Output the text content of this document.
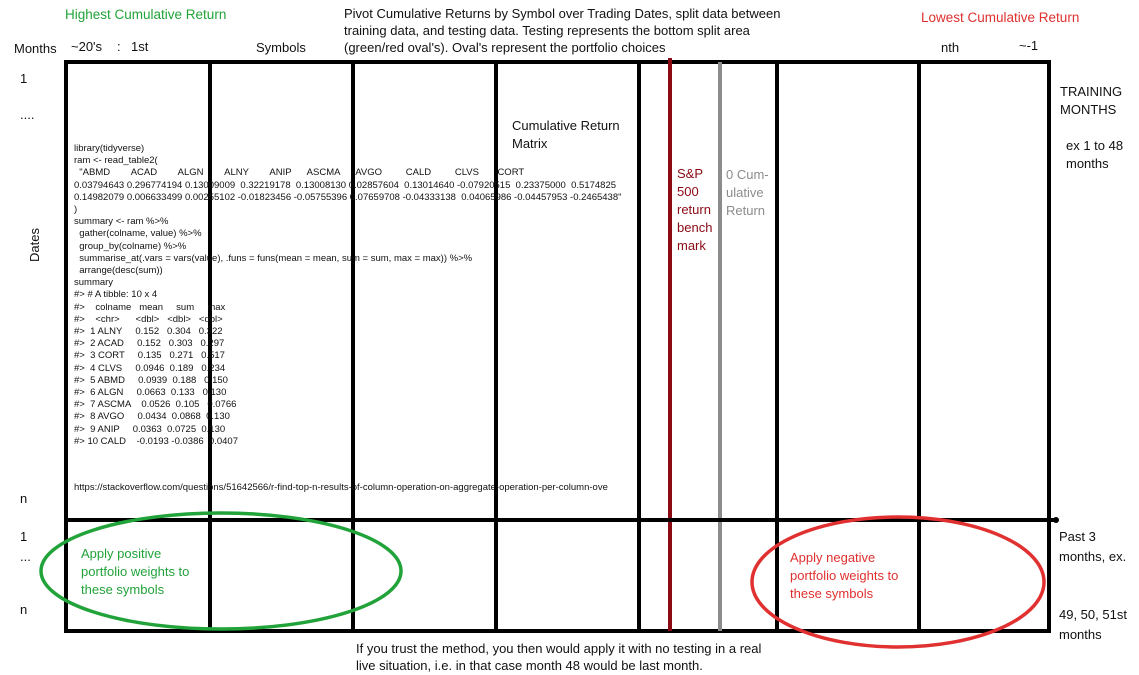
Highest Cumulative Return	Lowest Cumulative Return
Pivot Cumulative Returns by Symbol over Trading Dates, split data between
training data, and testing data. Testing represents the bottom split area
(green/red oval's). Oval's represent the portfolio choices
Months ~20's : 1st	Symbols	nth	~-1
1
....
n
Dates
1
...
n
library(tidyverse)
ram <- read_table2(
"ABMD        ACAD        ALGN        ALNY        ANIP      ASCMA      AVGO         CALD         CLVS       CORT
0.03794643 0.296774194 0.13009009  0.32219178  0.13008130 0.02857604  0.13014640 -0.07920515  0.23375000  0.5174825
0.14982079 0.006633499 0.00255102 -0.01823456 -0.05755396 0.07659708 -0.04333138  0.04065986 -0.04457953 -0.2465438"
)
summary <- ram %>%
gather(colname, value) %>%
group_by(colname) %>%
summarise_at(.vars = vars(value), .funs = funs(mean = mean, sum = sum, max = max)) %>%
arrange(desc(sum))
summary
#> # A tibble: 10 x 4
#>    colname   mean     sum     max
#>    <chr>      <dbl>   <dbl>   <dbl>
#>  1 ALNY     0.152   0.304   0.322
#>  2 ACAD     0.152   0.303   0.297
#>  3 CORT     0.135   0.271   0.517
#>  4 CLVS     0.0946  0.189   0.234
#>  5 ABMD     0.0939  0.188   0.150
#>  6 ALGN     0.0663  0.133   0.130
#>  7 ASCMA    0.0526  0.105   0.0766
#>  8 AVGO     0.0434  0.0868  0.130
#>  9 ANIP     0.0363  0.0725  0.130
#> 10 CALD    -0.0193 -0.0386  0.0407
https://stackoverflow.com/questions/51642566/r-find-top-n-results-of-column-operation-on-aggregate-operation-per-column-ove
Cumulative Return
Matrix
S&P
500
return
bench
mark
0 Cum-
ulative
Return
TRAINING
MONTHS
ex 1 to 48
months
Past 3
months, ex.
49, 50, 51st
months
Apply positive
portfolio weights to
these symbols
Apply negative
portfolio weights to
these symbols
If you trust the method, you then would apply it with no testing in a real
live situation, i.e. in that case month 48 would be last month.
